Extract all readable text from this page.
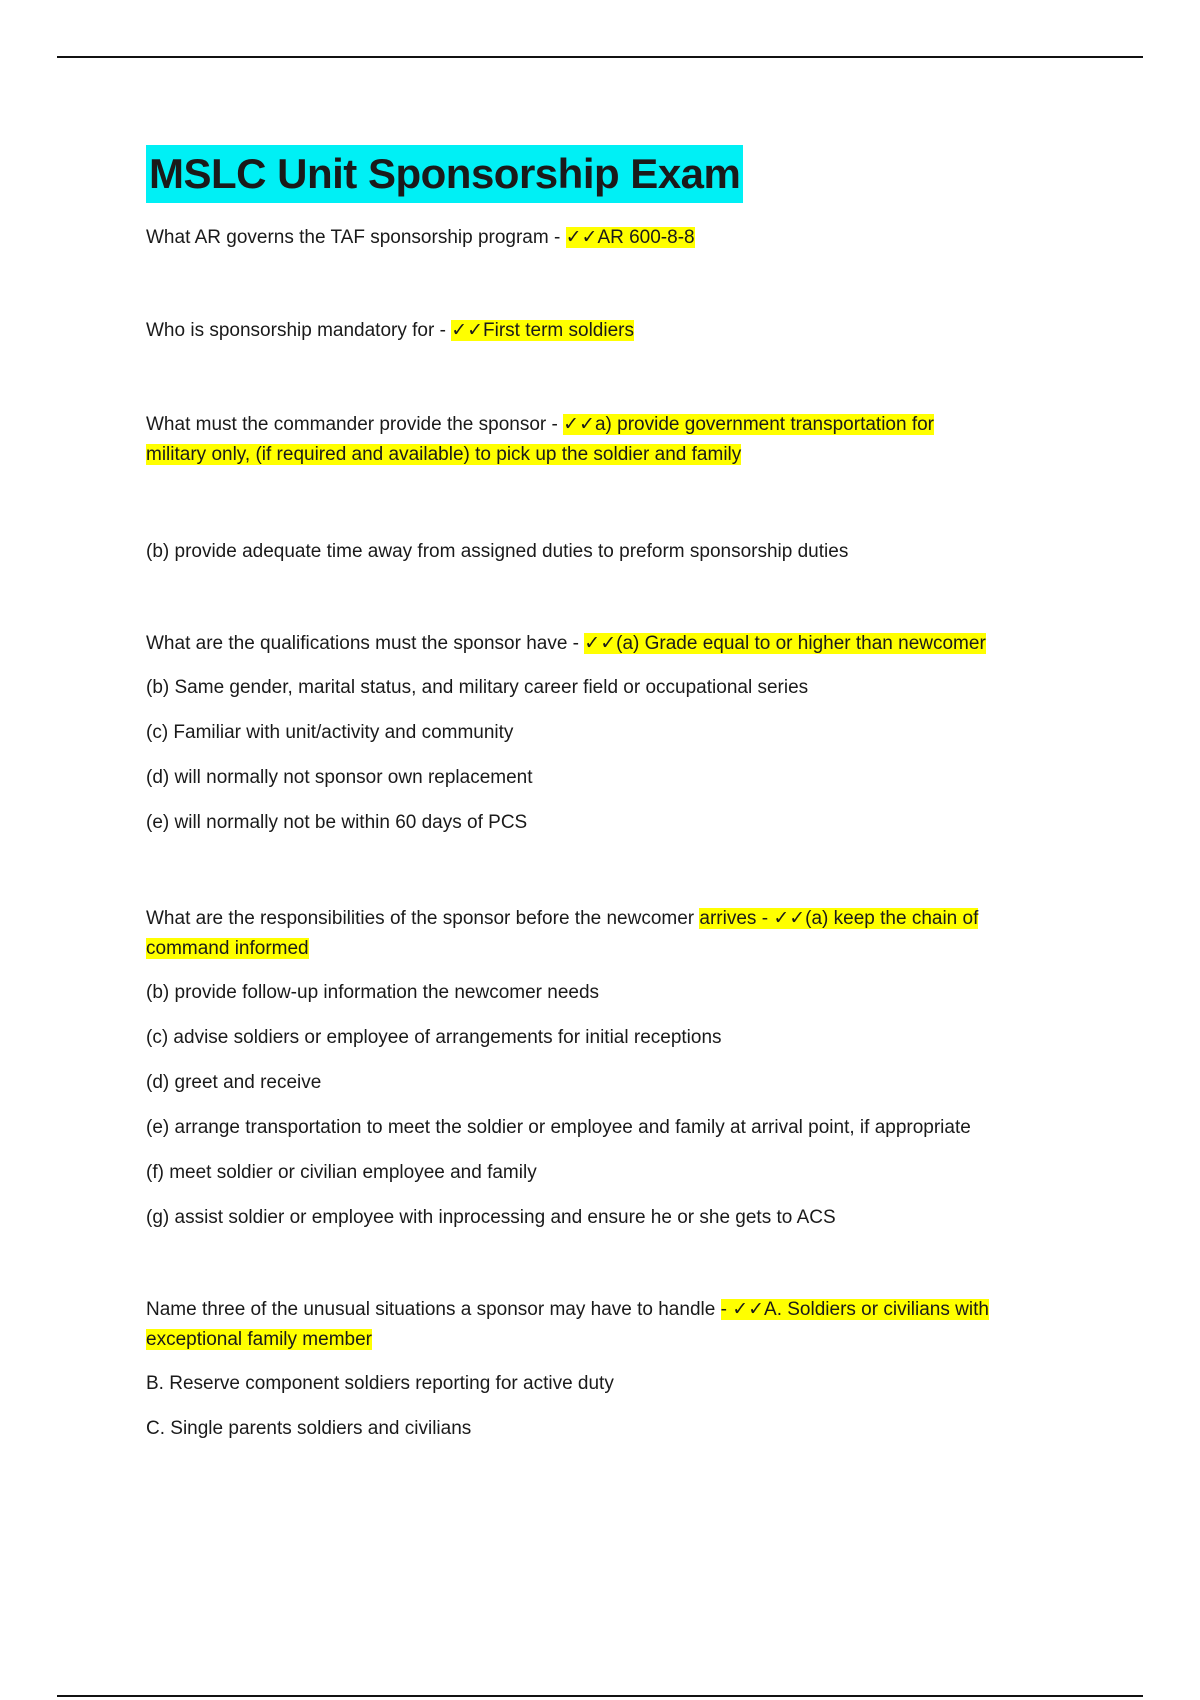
MSLC Unit Sponsorship Exam
What AR governs the TAF sponsorship program - ✓✓AR 600-8-8
Who is sponsorship mandatory for - ✓✓First term soldiers
What must the commander provide the sponsor - ✓✓a) provide government transportation for
military only, (if required and available) to pick up the soldier and family
(b) provide adequate time away from assigned duties to preform sponsorship duties
What are the qualifications must the sponsor have - ✓✓(a) Grade equal to or higher than newcomer
(b) Same gender, marital status, and military career field or occupational series
(c) Familiar with unit/activity and community
(d) will normally not sponsor own replacement
(e) will normally not be within 60 days of PCS
What are the responsibilities of the sponsor before the newcomer arrives - ✓✓(a) keep the chain of
command informed
(b) provide follow-up information the newcomer needs
(c) advise soldiers or employee of arrangements for initial receptions
(d) greet and receive
(e) arrange transportation to meet the soldier or employee and family at arrival point, if appropriate
(f) meet soldier or civilian employee and family
(g) assist soldier or employee with inprocessing and ensure he or she gets to ACS
Name three of the unusual situations a sponsor may have to handle - ✓✓A. Soldiers or civilians with
exceptional family member
B. Reserve component soldiers reporting for active duty
C. Single parents soldiers and civilians
